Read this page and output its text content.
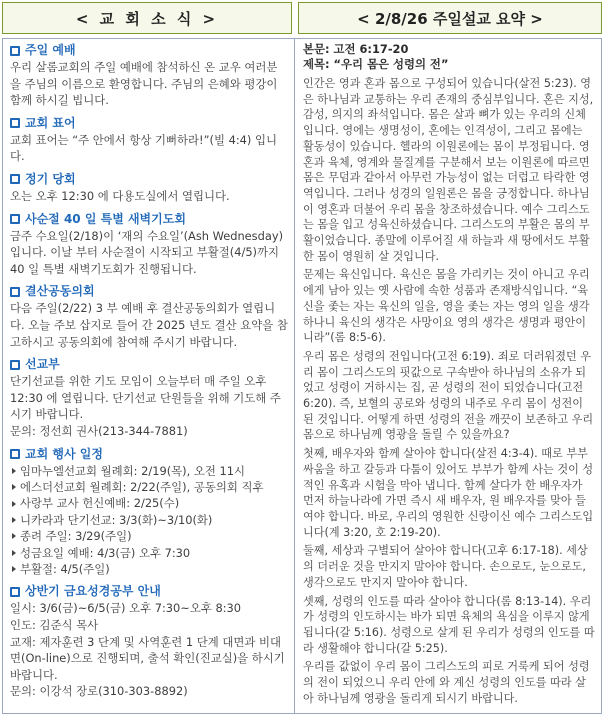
< 교 회 소 식 >	< 2/8/26 주일설교 요약 >
주일 예배
우리 살롬교회의 주일 예배에 참석하신 온 교우 여러분을 주님의 이름으로 환영합니다. 주님의 은혜와 평강이 함께 하시길 빕니다.
교회 표어
교회 표어는 “주 안에서 항상 기뻐하라!”(빌 4:4) 입니다.
정기 당회
오는 오후 12:30 에 다용도실에서 열립니다.
사순절 40 일 특별 새벽기도회
금주 수요일(2/18)이 ‘재의 수요일’(Ash Wednesday)입니다. 이날 부터 사순절이 시작되고 부활절(4/5)까지 40 일 특별 새벽기도회가 진행됩니다.
결산공동의회
다음 주일(2/22) 3 부 예배 후 결산공동의회가 열립니다. 오늘 주보 삽지로 들어 간 2025 년도 결산 요약을 참고하시고 공동의회에 참여해 주시기 바랍니다.
선교부
단기선교를 위한 기도 모임이 오늘부터 매 주일 오후 12:30 에 열립니다. 단기선교 단원들을 위해 기도해 주시기 바랍니다.
문의: 정선희 권사(213-344-7881)
교회 행사 일정
임마누엘선교회 월례회: 2/19(목), 오전 11시
에스더선교회 월례회: 2/22(주일), 공동의회 직후
사랑부 교사 헌신예배: 2/25(수)
니카라과 단기선교: 3/3(화)~3/10(화)
종려 주일: 3/29(주일)
성금요일 예배: 4/3(금) 오후 7:30
부활절: 4/5(주일)
상반기 금요성경공부 안내
일시: 3/6(금)~6/5(금) 오후 7:30~오후 8:30
인도: 김준식 목사
교재: 제자훈련 3 단계 및 사역훈련 1 단계 대면과 비대면(On-line)으로 진행되며, 출석 확인(진교실)을 하시기 바랍니다.
문의: 이강석 장로(310-303-8892)
본문: 고전 6:17-20
제목: “우리 몸은 성령의 전”
인간은 영과 혼과 몸으로 구성되어 있습니다(살전 5:23). 영은 하나님과 교통하는 우리 존재의 중심부입니다. 혼은 지성, 감성, 의지의 좌석입니다. 몸은 살과 뼈가 있는 우리의 신체입니다. 영에는 생명성이, 혼에는 인격성이, 그리고 몸에는 활동성이 있습니다. 헬라의 이원론에는 몸이 부정됩니다. 영혼과 육체, 영계와 물질계를 구분해서 보는 이원론에 따르면 몸은 무덤과 같아서 아무런 가능성이 없는 더럽고 타락한 영역입니다. 그러나 성경의 일원론은 몸을 긍정합니다. 하나님이 영혼과 더불어 우리 몸을 창조하셨습니다. 예수 그리스도는 몸을 입고 성육신하셨습니다. 그리스도의 부활은 몸의 부활이었습니다. 종말에 이루어질 새 하늘과 새 땅에서도 부활한 몸이 영원히 살 것입니다.
문제는 육신입니다. 육신은 몸을 가리키는 것이 아니고 우리에게 남아 있는 옛 사람에 속한 성품과 존재방식입니다. “육신을 좇는 자는 육신의 일을, 영을 좇는 자는 영의 일을 생각하나니 육신의 생각은 사망이요 영의 생각은 생명과 평안이니라”(롬 8:5-6).
우리 몸은 성령의 전입니다(고전 6:19). 죄로 더러워졌던 우리 몸이 그리스도의 핏값으로 구속받아 하나님의 소유가 되었고 성령이 거하시는 집, 곧 성령의 전이 되었습니다(고전 6:20). 즉, 보혈의 공로와 성령의 내주로 우리 몸이 성전이 된 것입니다. 어떻게 하면 성령의 전을 깨끗이 보존하고 우리 몸으로 하나님께 영광을 돌릴 수 있을까요?
첫째, 배우자와 함께 살아야 합니다(살전 4:3-4). 때로 부부싸움을 하고 갈등과 다툼이 있어도 부부가 함께 사는 것이 성적인 유혹과 시험을 막아 냅니다. 함께 살다가 한 배우자가 먼저 하늘나라에 가면 즉시 새 배우자, 원 배우자를 맞아 들여야 합니다. 바로, 우리의 영원한 신랑이신 예수 그리스도입니다(계 3:20, 호 2:19-20).
둘째, 세상과 구별되어 살아야 합니다(고후 6:17-18). 세상의 더러운 것을 만지지 말아야 합니다. 손으로도, 눈으로도, 생각으로도 만지지 말아야 합니다.
셋째, 성령의 인도를 따라 살아야 합니다(롬 8:13-14). 우리가 성령의 인도하시는 바가 되면 육체의 욕심을 이루지 않게 됩니다(갈 5:16). 성령으로 살게 된 우리가 성령의 인도를 따라 생활해야 합니다(갈 5:25).
우리를 값없이 우리 몸이 그리스도의 피로 거룩케 되어 성령의 전이 되었으니 우리 안에 와 계신 성령의 인도를 따라 살아 하나님께 영광을 돌리게 되시기 바랍니다.
